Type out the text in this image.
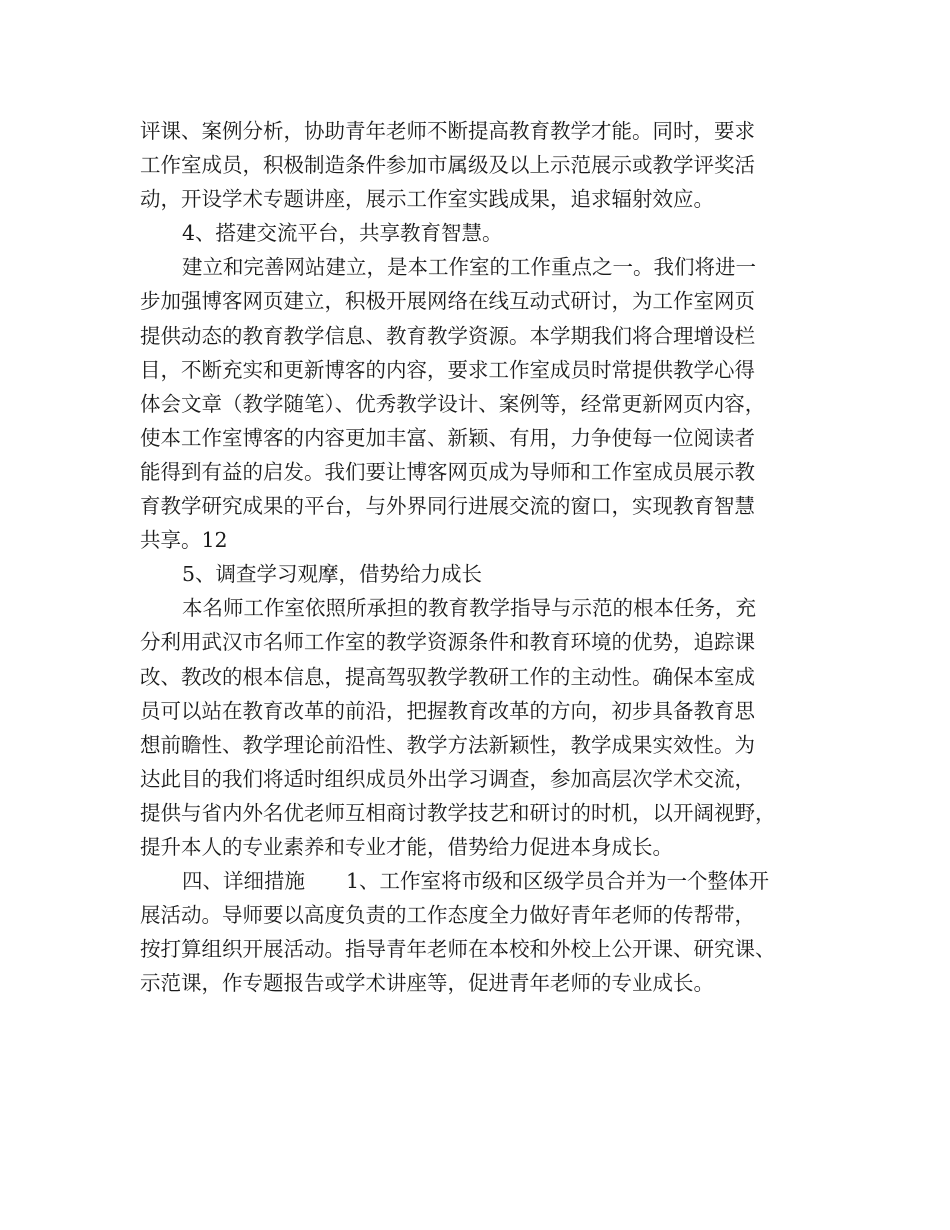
评课、案例分析，协助青年老师不断提高教育教学才能。同时，要求
工作室成员，积极制造条件参加市属级及以上示范展示或教学评奖活
动，开设学术专题讲座，展示工作室实践成果，追求辐射效应。
4、搭建交流平台，共享教育智慧。
建立和完善网站建立，是本工作室的工作重点之一。我们将进一
步加强博客网页建立，积极开展网络在线互动式研讨，为工作室网页
提供动态的教育教学信息、教育教学资源。本学期我们将合理增设栏
目，不断充实和更新博客的内容，要求工作室成员时常提供教学心得
体会文章（教学随笔）、优秀教学设计、案例等，经常更新网页内容，
使本工作室博客的内容更加丰富、新颖、有用，力争使每一位阅读者
能得到有益的启发。我们要让博客网页成为导师和工作室成员展示教
育教学研究成果的平台，与外界同行进展交流的窗口，实现教育智慧
共享。12
5、调查学习观摩，借势给力成长
本名师工作室依照所承担的教育教学指导与示范的根本任务，充
分利用武汉市名师工作室的教学资源条件和教育环境的优势，追踪课
改、教改的根本信息，提高驾驭教学教研工作的主动性。确保本室成
员可以站在教育改革的前沿，把握教育改革的方向，初步具备教育思
想前瞻性、教学理论前沿性、教学方法新颖性，教学成果实效性。为
达此目的我们将适时组织成员外出学习调查，参加高层次学术交流，
提供与省内外名优老师互相商讨教学技艺和研讨的时机，以开阔视野，
提升本人的专业素养和专业才能，借势给力促进本身成长。
四、详细措施　　1、工作室将市级和区级学员合并为一个整体开
展活动。导师要以高度负责的工作态度全力做好青年老师的传帮带，
按打算组织开展活动。指导青年老师在本校和外校上公开课、研究课、
示范课，作专题报告或学术讲座等，促进青年老师的专业成长。
